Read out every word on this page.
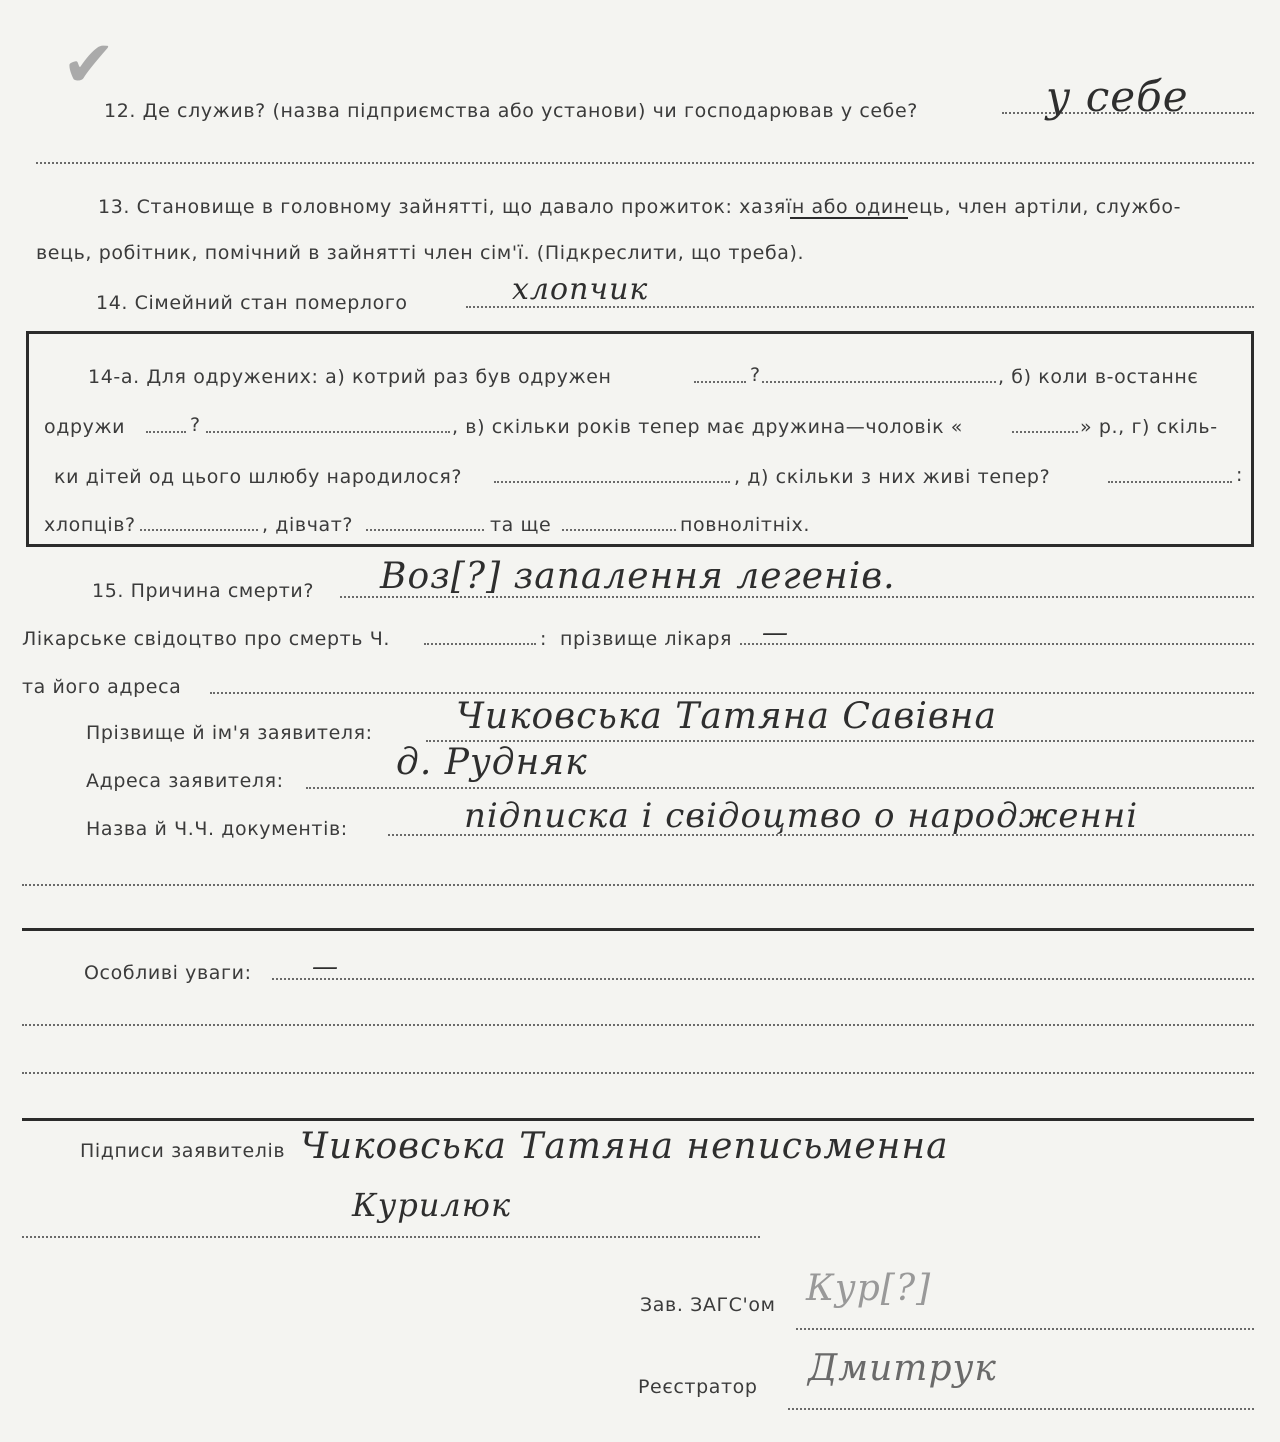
✔
12. Де служив? (назва підприємства або установи) чи господарював у себе?	у себе
13. Становище в головному зайнятті, що давало прожиток: хазяїн або одинець, член артіли, службо-
вець, робітник, помічний в зайнятті член сім'ї. (Підкреслити, що треба).
14. Сімейний стан померлого	хлопчик
14-а. Для одружених: а) котрий раз був одружен	?	, б) коли в-останнє
одружи	?	, в) скільки років тепер має дружина—чоловік «	» р., г) скіль-
ки дітей од цього шлюбу народилося?	, д) скільки з них живі тепер?	:
хлопців?	, дівчат?	та ще	повнолітніх.
15. Причина смерти? Воз[?] запалення легенів.
Лікарське свідоцтво про смерть Ч.	: прізвище лікаря —
та його адреса
Прізвище й ім'я заявителя: Чиковська Татяна Савівна
Адреса заявителя:	д. Рудняк
Назва й Ч.Ч. документів:	підписка і свідоцтво о народженні
Особливі уваги: —
Підписи заявителів Чиковська Татяна неписьменна
Курилюк
Зав. ЗАГС'ом Кур[?]
Реєстратор Дмитрук
